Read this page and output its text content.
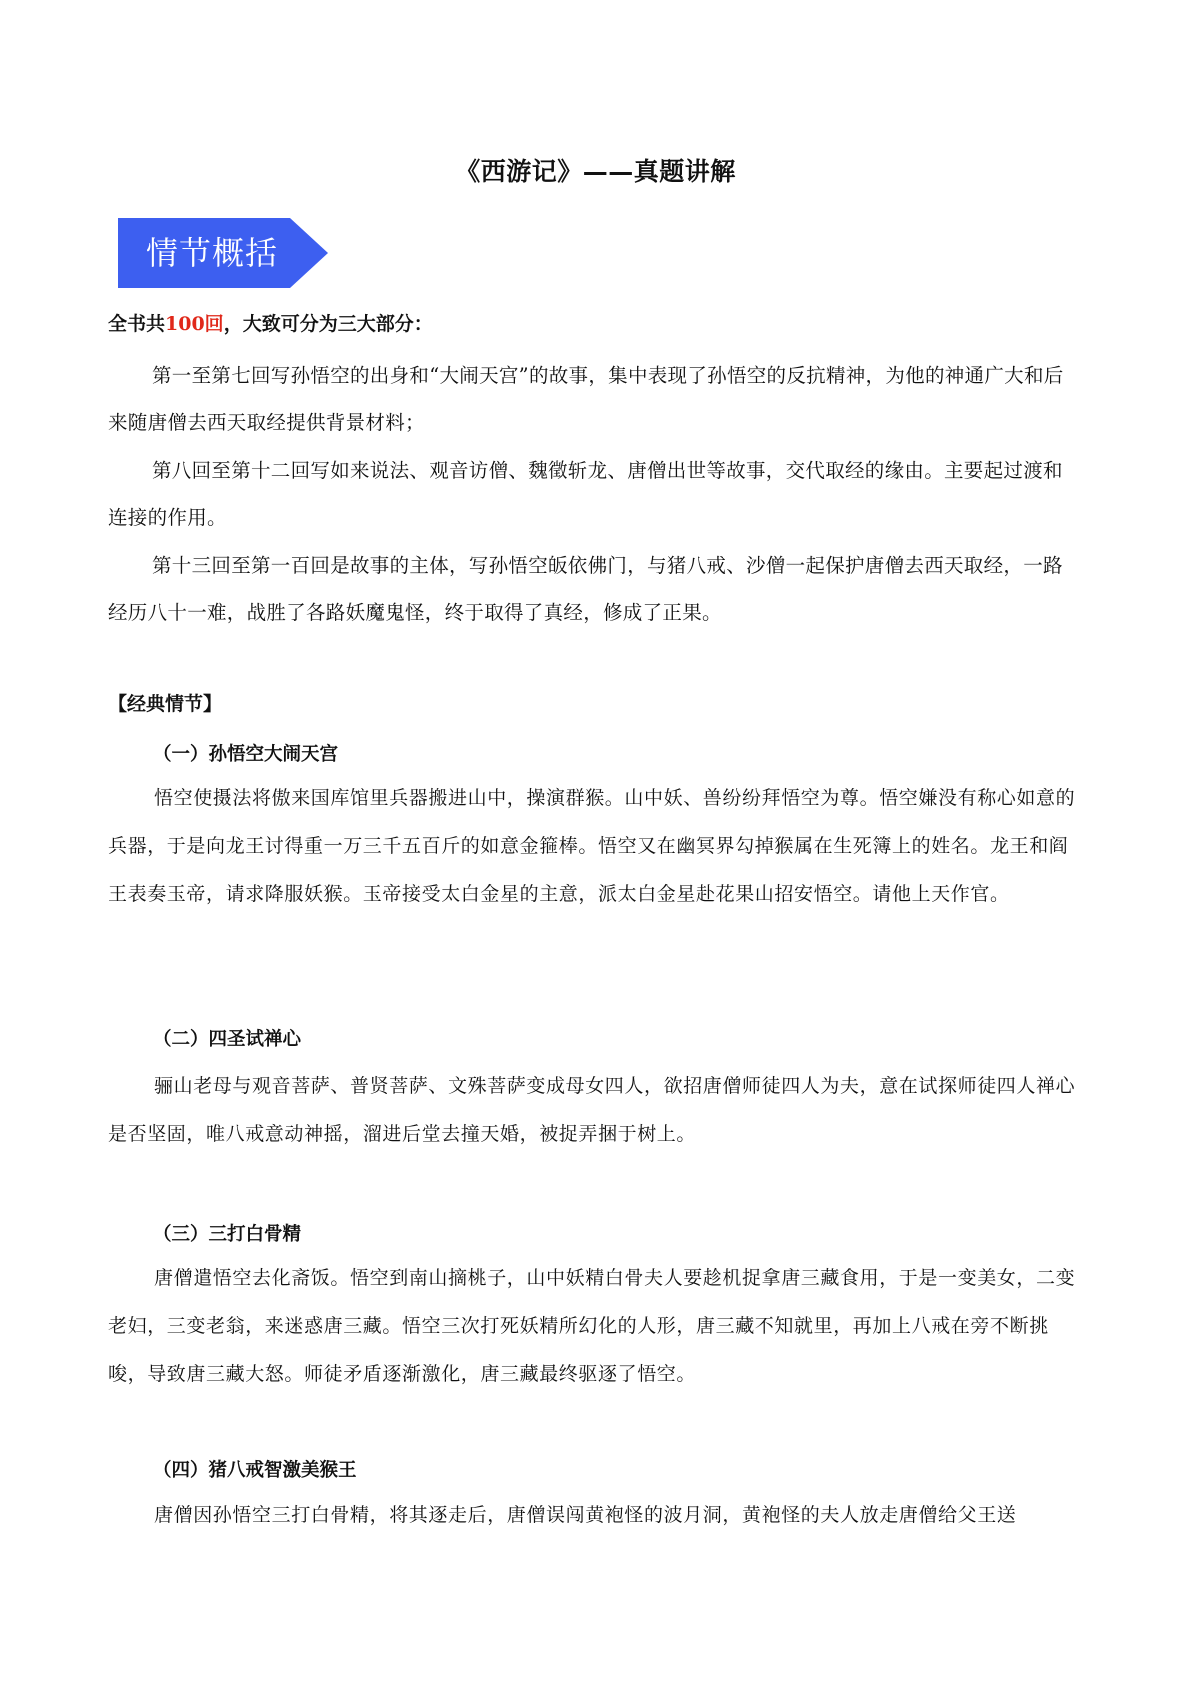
《西游记》——真题讲解
情节概括
全书共100回，大致可分为三大部分：

第一至第七回写孙悟空的出身和“大闹天宫”的故事，集中表现了孙悟空的反抗精神，为他的神通广大和后来随唐僧去西天取经提供背景材料；

第八回至第十二回写如来说法、观音访僧、魏徵斩龙、唐僧出世等故事，交代取经的缘由。主要起过渡和连接的作用。

第十三回至第一百回是故事的主体，写孙悟空皈依佛门，与猪八戒、沙僧一起保护唐僧去西天取经，一路经历八十一难，战胜了各路妖魔鬼怪，终于取得了真经，修成了正果。

【经典情节】
（一）孙悟空大闹天宫

悟空使摄法将傲来国库馆里兵器搬进山中，操演群猴。山中妖、兽纷纷拜悟空为尊。悟空嫌没有称心如意的兵器，于是向龙王讨得重一万三千五百斤的如意金箍棒。悟空又在幽冥界勾掉猴属在生死簿上的姓名。龙王和阎王表奏玉帝，请求降服妖猴。玉帝接受太白金星的主意，派太白金星赴花果山招安悟空。请他上天作官。

（二）四圣试禅心

骊山老母与观音菩萨、普贤菩萨、文殊菩萨变成母女四人，欲招唐僧师徒四人为夫，意在试探师徒四人禅心是否坚固，唯八戒意动神摇，溜进后堂去撞天婚，被捉弄捆于树上。

（三）三打白骨精

唐僧遣悟空去化斋饭。悟空到南山摘桃子，山中妖精白骨夫人要趁机捉拿唐三藏食用，于是一变美女，二变老妇，三变老翁，来迷惑唐三藏。悟空三次打死妖精所幻化的人形，唐三藏不知就里，再加上八戒在旁不断挑唆，导致唐三藏大怒。师徒矛盾逐渐激化，唐三藏最终驱逐了悟空。

（四）猪八戒智激美猴王

唐僧因孙悟空三打白骨精，将其逐走后，唐僧误闯黄袍怪的波月洞，黄袍怪的夫人放走唐僧给父王送
